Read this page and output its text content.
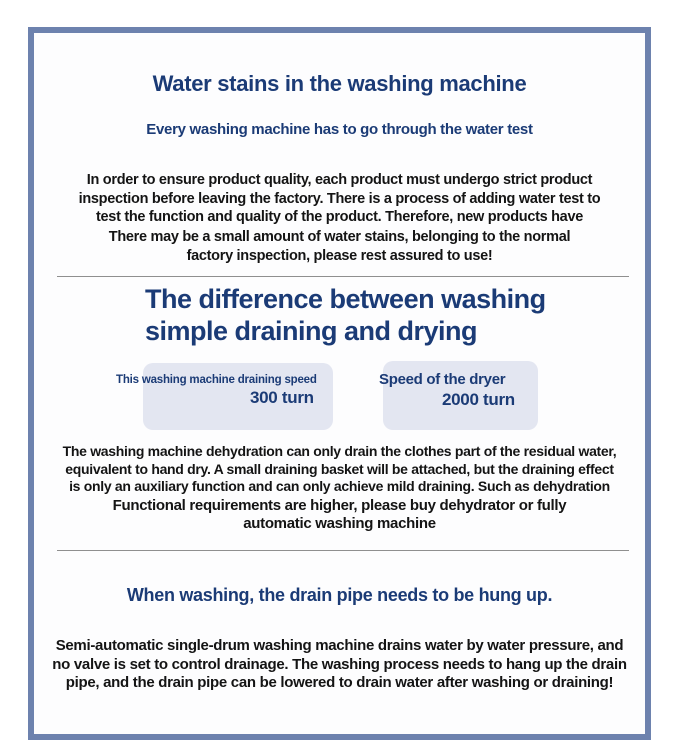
Water stains in the washing machine
Every washing machine has to go through the water test
In order to ensure product quality, each product must undergo strict product
inspection before leaving the factory. There is a process of adding water test to
test the function and quality of the product. Therefore, new products have
There may be a small amount of water stains, belonging to the normal
factory inspection, please rest assured to use!
The difference between washing
simple draining and drying
This washing machine draining speed
300 turn
Speed of the dryer
2000 turn
The washing machine dehydration can only drain the clothes part of the residual water,
equivalent to hand dry. A small draining basket will be attached, but the draining effect
is only an auxiliary function and can only achieve mild draining. Such as dehydration
Functional requirements are higher, please buy dehydrator or fully
automatic washing machine
When washing, the drain pipe needs to be hung up.
Semi-automatic single-drum washing machine drains water by water pressure, and
no valve is set to control drainage. The washing process needs to hang up the drain
pipe, and the drain pipe can be lowered to drain water after washing or draining!
